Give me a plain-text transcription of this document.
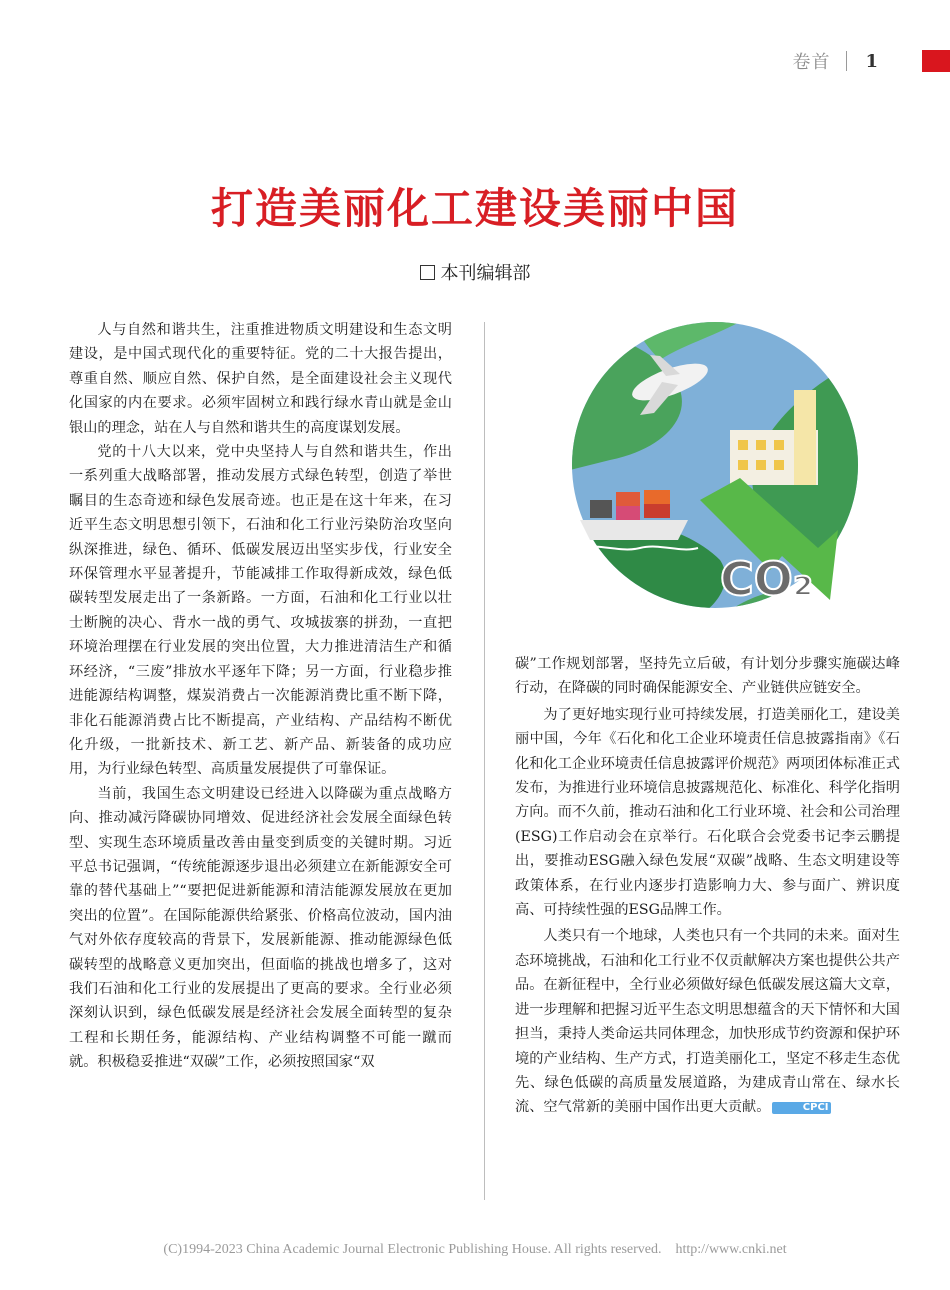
卷首 1
打造美丽化工建设美丽中国
本刊编辑部

人与自然和谐共生，注重推进物质文明建设和生态文明建设，是中国式现代化的重要特征。党的二十大报告提出，尊重自然、顺应自然、保护自然，是全面建设社会主义现代化国家的内在要求。必须牢固树立和践行绿水青山就是金山银山的理念，站在人与自然和谐共生的高度谋划发展。

党的十八大以来，党中央坚持人与自然和谐共生，作出一系列重大战略部署，推动发展方式绿色转型，创造了举世瞩目的生态奇迹和绿色发展奇迹。也正是在这十年来，在习近平生态文明思想引领下，石油和化工行业污染防治攻坚向纵深推进，绿色、循环、低碳发展迈出坚实步伐，行业安全环保管理水平显著提升，节能减排工作取得新成效，绿色低碳转型发展走出了一条新路。一方面，石油和化工行业以壮士断腕的决心、背水一战的勇气、攻城拔寨的拼劲，一直把环境治理摆在行业发展的突出位置，大力推进清洁生产和循环经济，“三废”排放水平逐年下降；另一方面，行业稳步推进能源结构调整，煤炭消费占一次能源消费比重不断下降，非化石能源消费占比不断提高，产业结构、产品结构不断优化升级，一批新技术、新工艺、新产品、新装备的成功应用，为行业绿色转型、高质量发展提供了可靠保证。

当前，我国生态文明建设已经进入以降碳为重点战略方向、推动减污降碳协同增效、促进经济社会发展全面绿色转型、实现生态环境质量改善由量变到质变的关键时期。习近平总书记强调，“传统能源逐步退出必须建立在新能源安全可靠的替代基础上”“要把促进新能源和清洁能源发展放在更加突出的位置”。在国际能源供给紧张、价格高位波动，国内油气对外依存度较高的背景下，发展新能源、推动能源绿色低碳转型的战略意义更加突出，但面临的挑战也增多了，这对我们石油和化工行业的发展提出了更高的要求。全行业必须深刻认识到，绿色低碳发展是经济社会发展全面转型的复杂工程和长期任务，能源结构、产业结构调整不可能一蹴而就。积极稳妥推进“双碳”工作，必须按照国家“双

CO₂

碳”工作规划部署，坚持先立后破，有计划分步骤实施碳达峰行动，在降碳的同时确保能源安全、产业链供应链安全。

为了更好地实现行业可持续发展，打造美丽化工，建设美丽中国，今年《石化和化工企业环境责任信息披露指南》《石化和化工企业环境责任信息披露评价规范》两项团体标准正式发布，为推进行业环境信息披露规范化、标准化、科学化指明方向。而不久前，推动石油和化工行业环境、社会和公司治理(ESG)工作启动会在京举行。石化联合会党委书记李云鹏提出，要推动ESG融入绿色发展“双碳”战略、生态文明建设等政策体系，在行业内逐步打造影响力大、参与面广、辨识度高、可持续性强的ESG品牌工作。

人类只有一个地球，人类也只有一个共同的未来。面对生态环境挑战，石油和化工行业不仅贡献解决方案也提供公共产品。在新征程中，全行业必须做好绿色低碳发展这篇大文章，进一步理解和把握习近平生态文明思想蕴含的天下情怀和大国担当，秉持人类命运共同体理念，加快形成节约资源和保护环境的产业结构、生产方式，打造美丽化工，坚定不移走生态优先、绿色低碳的高质量发展道路，为建成青山常在、绿水长流、空气常新的美丽中国作出更大贡献。	CPCI

(C)1994-2023 China Academic Journal Electronic Publishing House. All rights reserved. http://www.cnki.net
